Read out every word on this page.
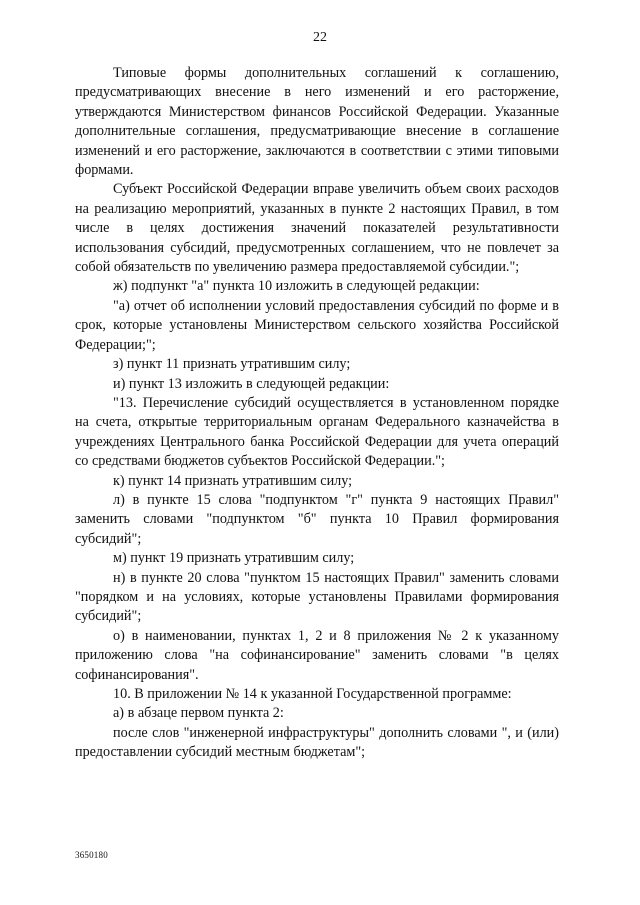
22

Типовые формы дополнительных соглашений к соглашению, предусматривающих внесение в него изменений и его расторжение, утверждаются Министерством финансов Российской Федерации. Указанные дополнительные соглашения, предусматривающие внесение в соглашение изменений и его расторжение, заключаются в соответствии с этими типовыми формами.

Субъект Российской Федерации вправе увеличить объем своих расходов на реализацию мероприятий, указанных в пункте 2 настоящих Правил, в том числе в целях достижения значений показателей результативности использования субсидий, предусмотренных соглашением, что не повлечет за собой обязательств по увеличению размера предоставляемой субсидии.";

ж) подпункт "а" пункта 10 изложить в следующей редакции:

"а) отчет об исполнении условий предоставления субсидий по форме и в срок, которые установлены Министерством сельского хозяйства Российской Федерации;";

з) пункт 11 признать утратившим силу;

и) пункт 13 изложить в следующей редакции:

"13. Перечисление субсидий осуществляется в установленном порядке на счета, открытые территориальным органам Федерального казначейства в учреждениях Центрального банка Российской Федерации для учета операций со средствами бюджетов субъектов Российской Федерации.";

к) пункт 14 признать утратившим силу;

л) в пункте 15 слова "подпунктом "г" пункта 9 настоящих Правил" заменить словами "подпунктом "б" пункта 10 Правил формирования субсидий";

м) пункт 19 признать утратившим силу;

н) в пункте 20 слова "пунктом 15 настоящих Правил" заменить словами "порядком и на условиях, которые установлены Правилами формирования субсидий";

о) в наименовании, пунктах 1, 2 и 8 приложения № 2 к указанному приложению слова "на софинансирование" заменить словами "в целях софинансирования".

10. В приложении № 14 к указанной Государственной программе:

а) в абзаце первом пункта 2:

после слов "инженерной инфраструктуры" дополнить словами ", и (или) предоставлении субсидий местным бюджетам";

3650180
